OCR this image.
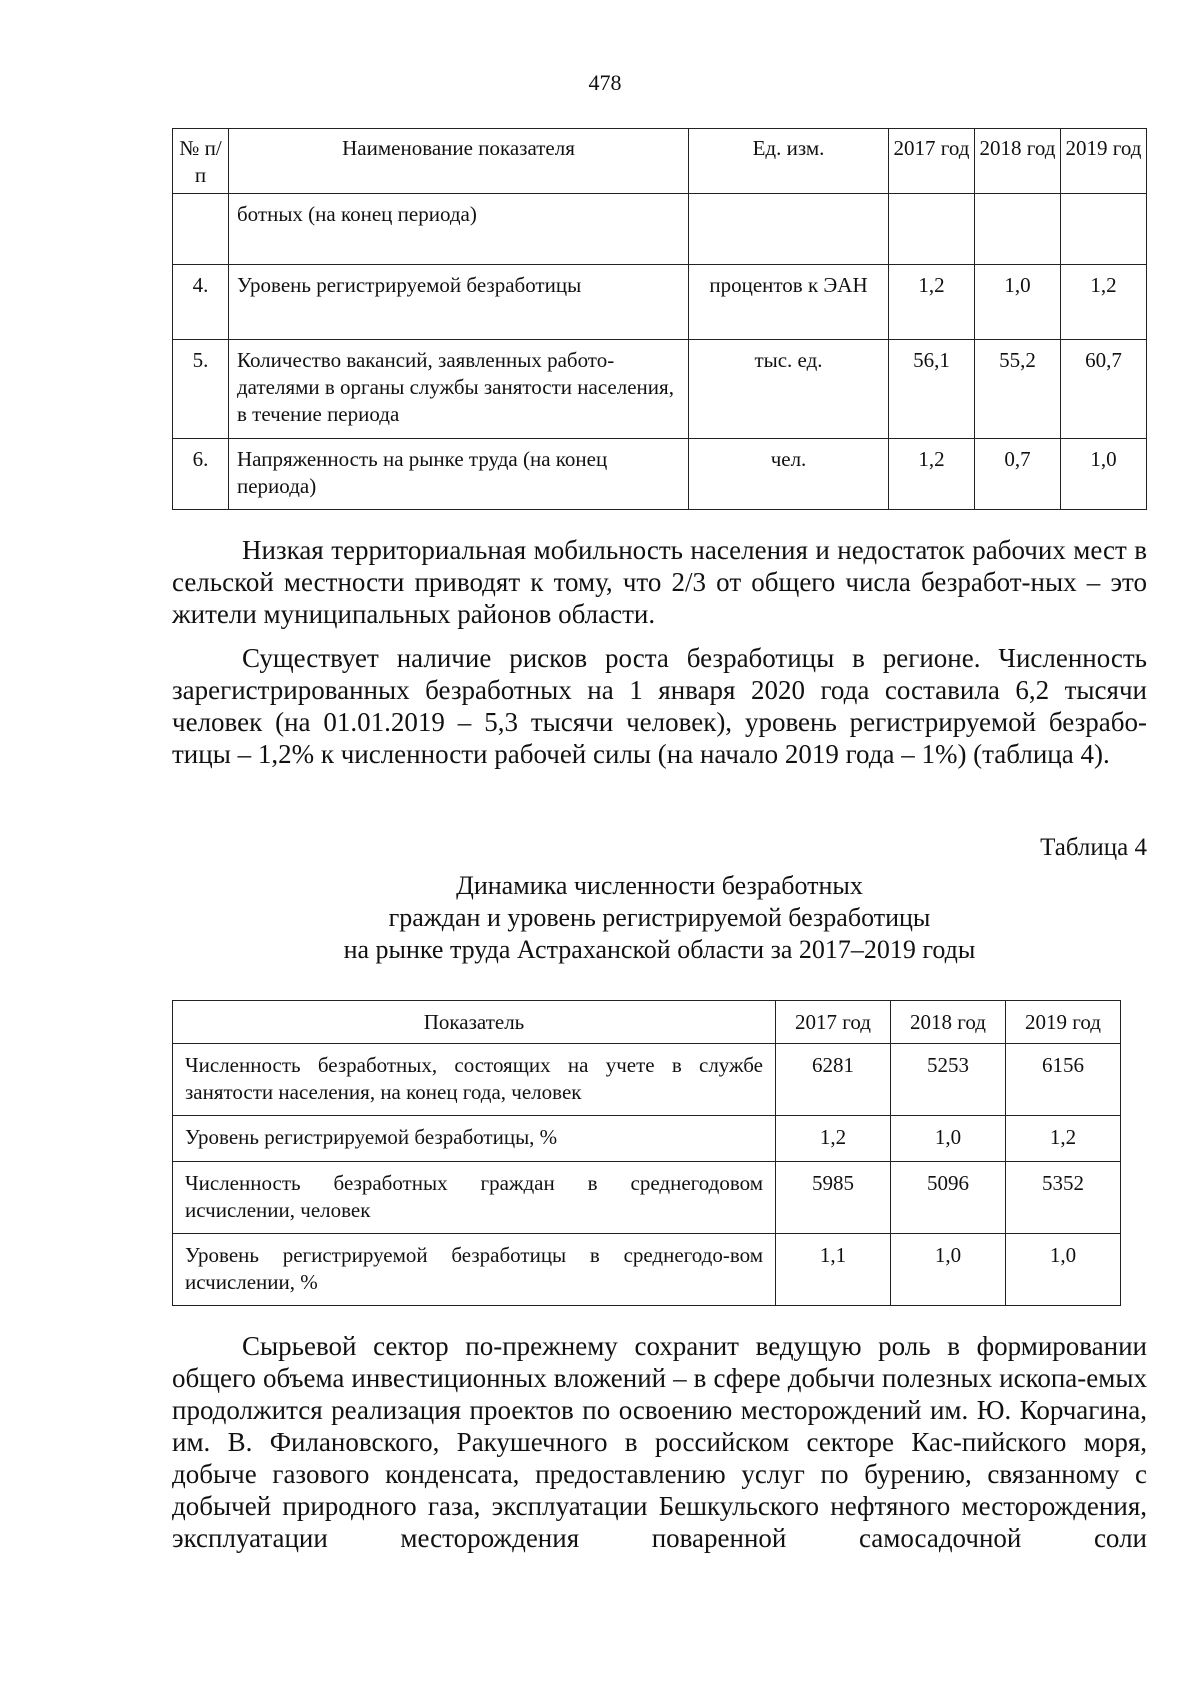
478
№ п/п	Наименование показателя	Ед. изм.	2017 год	2018 год	2019 год
	ботных (на конец периода)				
4.	Уровень регистрируемой безработицы	процентов к ЭАН	1,2	1,0	1,2
5.	Количество вакансий, заявленных работо-дателями в органы службы занятости населения, в течение периода	тыс. ед.	56,1	55,2	60,7
6.	Напряженность на рынке труда (на конец периода)	чел.	1,2	0,7	1,0

Низкая территориальная мобильность населения и недостаток рабочих мест в сельской местности приводят к тому, что 2/3 от общего числа безработ-ных – это жители муниципальных районов области.

Существует наличие рисков роста безработицы в регионе. Численность зарегистрированных безработных на 1 января 2020 года составила 6,2 тысячи человек (на 01.01.2019 – 5,3 тысячи человек), уровень регистрируемой безрабо-тицы – 1,2% к численности рабочей силы (на начало 2019 года – 1%) (таблица 4).

Таблица 4
Динамика численности безработных
граждан и уровень регистрируемой безработицы
на рынке труда Астраханской области за 2017–2019 годы
Показатель	2017 год	2018 год	2019 год
Численность безработных, состоящих на учете в службе занятости населения, на конец года, человек	6281	5253	6156
Уровень регистрируемой безработицы, %	1,2	1,0	1,2
Численность безработных граждан в среднегодовом исчислении, человек	5985	5096	5352
Уровень регистрируемой безработицы в среднегодо-вом исчислении, %	1,1	1,0	1,0

Сырьевой сектор по-прежнему сохранит ведущую роль в формировании общего объема инвестиционных вложений – в сфере добычи полезных ископа-емых продолжится реализация проектов по освоению месторождений им. Ю. Корчагина, им. В. Филановского, Ракушечного в российском секторе Кас-пийского моря, добыче газового конденсата, предоставлению услуг по бурению, связанному с добычей природного газа, эксплуатации Бешкульского нефтяного месторождения, эксплуатации месторождения поваренной самосадочной соли
